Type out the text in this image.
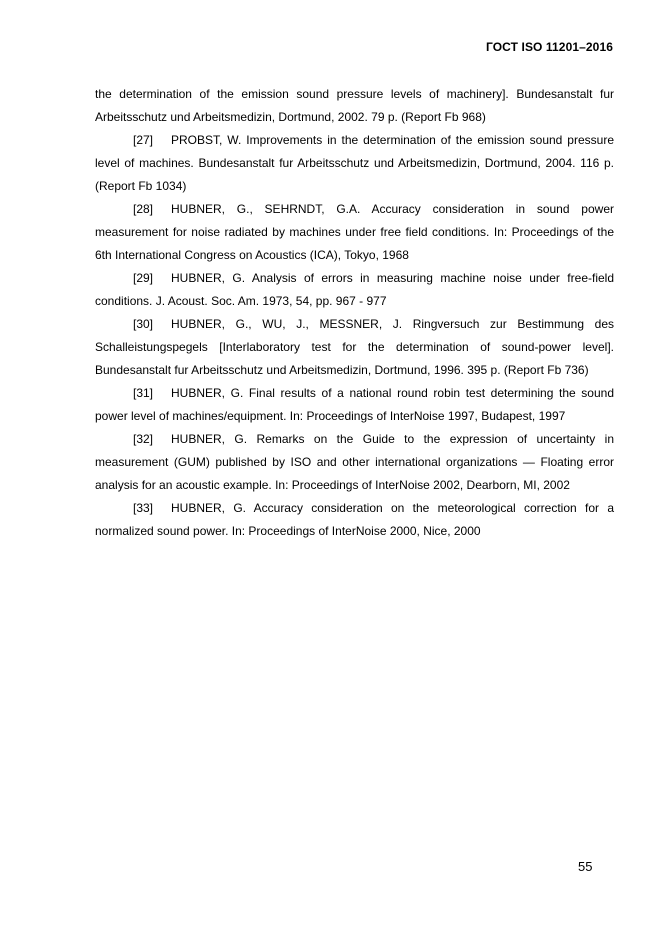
ГОСТ ISO 11201–2016

the determination of the emission sound pressure levels of machinery]. Bundesanstalt fur Arbeitsschutz und Arbeitsmedizin, Dortmund, 2002. 79 p. (Report Fb 968)

[27] PROBST, W. Improvements in the determination of the emission sound pressure level of machines. Bundesanstalt fur Arbeitsschutz und Arbeitsmedizin, Dortmund, 2004. 116 p. (Report Fb 1034)

[28] HUBNER, G., SEHRNDT, G.A. Accuracy consideration in sound power measurement for noise radiated by machines under free field conditions. In: Proceedings of the 6th International Congress on Acoustics (ICA), Tokyo, 1968

[29] HUBNER, G. Analysis of errors in measuring machine noise under free-field conditions. J. Acoust. Soc. Am. 1973, 54, pp. 967 - 977

[30] HUBNER, G., WU, J., MESSNER, J. Ringversuch zur Bestimmung des Schalleistungspegels [Interlaboratory test for the determination of sound-power level]. Bundesanstalt fur Arbeitsschutz und Arbeitsmedizin, Dortmund, 1996. 395 p. (Report Fb 736)

[31] HUBNER, G. Final results of a national round robin test determining the sound power level of machines/equipment. In: Proceedings of InterNoise 1997, Budapest, 1997

[32] HUBNER, G. Remarks on the Guide to the expression of uncertainty in measurement (GUM) published by ISO and other international organizations — Floating error analysis for an acoustic example. In: Proceedings of InterNoise 2002, Dearborn, MI, 2002

[33] HUBNER, G. Accuracy consideration on the meteorological correction for a normalized sound power. In: Proceedings of InterNoise 2000, Nice, 2000

55
